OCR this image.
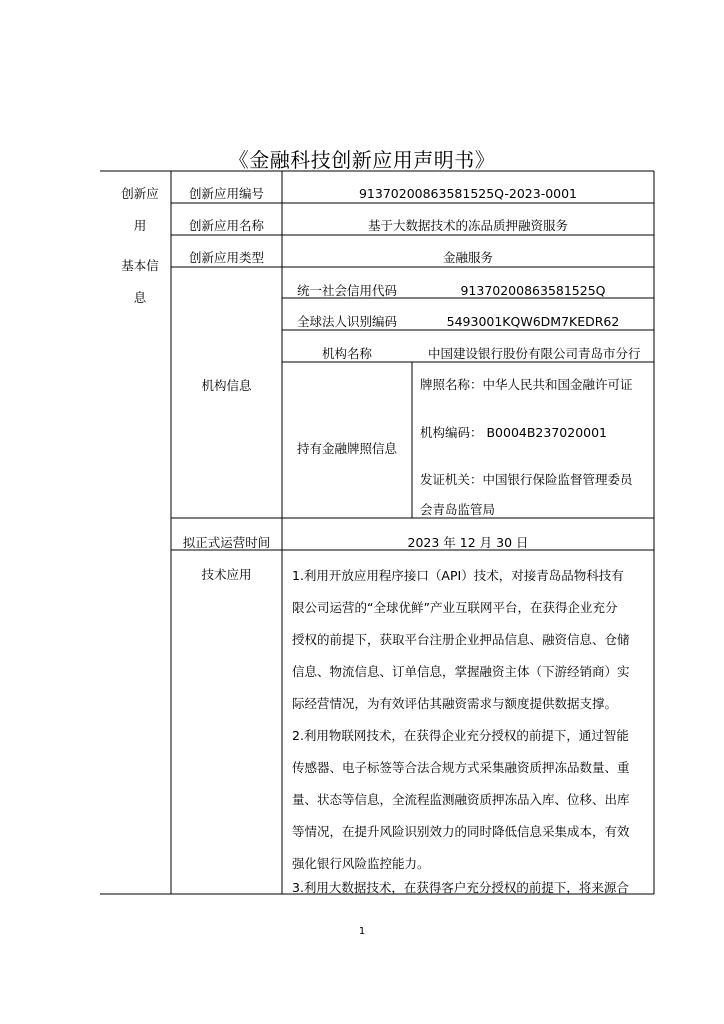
《金融科技创新应用声明书》
创新应
用
基本信
息
创新应用编号	91370200863581525Q-2023-0001
创新应用名称	基于大数据技术的冻品质押融资服务
创新应用类型	金融服务
机构信息
统一社会信用代码	91370200863581525Q
全球法人识别编码	5493001KQW6DM7KEDR62
机构名称	中国建设银行股份有限公司青岛市分行
持有金融牌照信息
牌照名称：中华人民共和国金融许可证
机构编码： B0004B237020001
发证机关：中国银行保险监督管理委员
会青岛监管局
拟正式运营时间	2023 年 12 月 30 日
技术应用	1.利用开放应用程序接口（API）技术，对接青岛品物科技有
限公司运营的“全球优鲜”产业互联网平台，在获得企业充分
授权的前提下，获取平台注册企业押品信息、融资信息、仓储
信息、物流信息、订单信息，掌握融资主体（下游经销商）实
际经营情况，为有效评估其融资需求与额度提供数据支撑。
2.利用物联网技术，在获得企业充分授权的前提下，通过智能
传感器、电子标签等合法合规方式采集融资质押冻品数量、重
量、状态等信息，全流程监测融资质押冻品入库、位移、出库
等情况，在提升风险识别效力的同时降低信息采集成本，有效
强化银行风险监控能力。
3.利用大数据技术，在获得客户充分授权的前提下，将来源合
1
